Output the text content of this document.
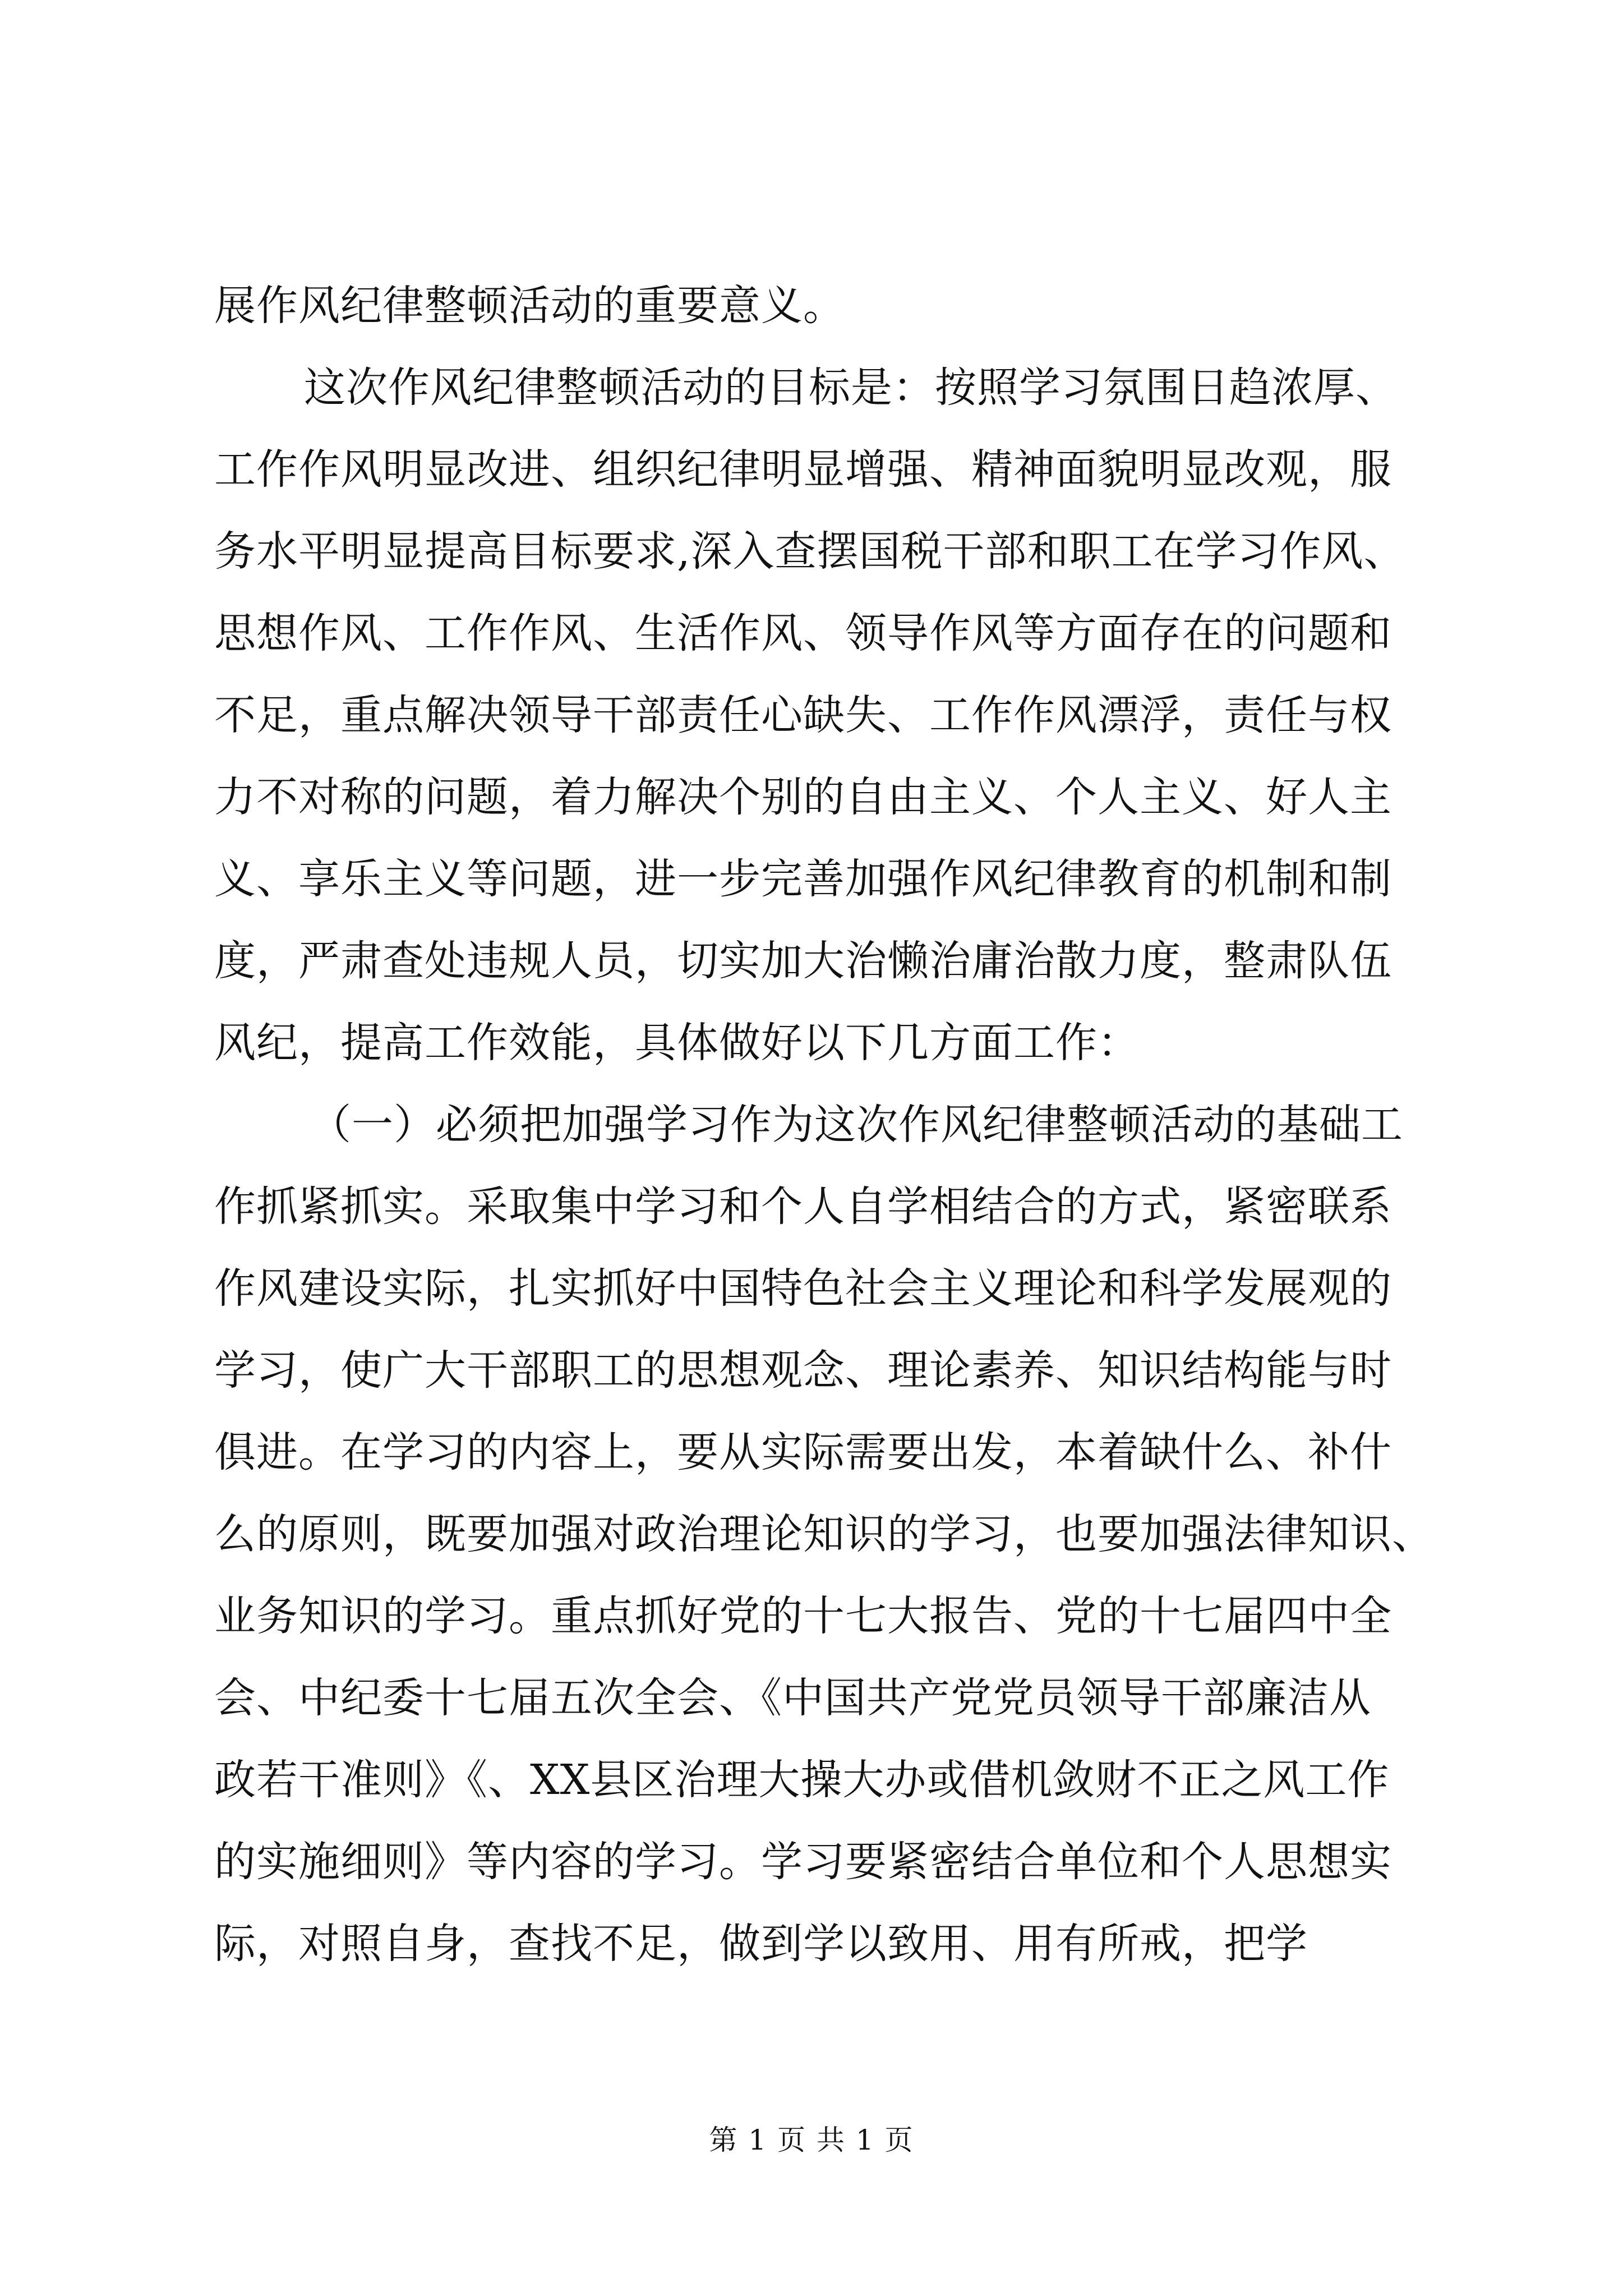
展作风纪律整顿活动的重要意义。
这次作风纪律整顿活动的目标是：按照学习氛围日趋浓厚、
工作作风明显改进、组织纪律明显增强、精神面貌明显改观，服
务水平明显提高目标要求,深入查摆国税干部和职工在学习作风、
思想作风、工作作风、生活作风、领导作风等方面存在的问题和
不足，重点解决领导干部责任心缺失、工作作风漂浮，责任与权
力不对称的问题，着力解决个别的自由主义、个人主义、好人主
义、享乐主义等问题，进一步完善加强作风纪律教育的机制和制
度，严肃查处违规人员，切实加大治懒治庸治散力度，整肃队伍
风纪，提高工作效能，具体做好以下几方面工作：
（一）必须把加强学习作为这次作风纪律整顿活动的基础工
作抓紧抓实。采取集中学习和个人自学相结合的方式，紧密联系
作风建设实际，扎实抓好中国特色社会主义理论和科学发展观的
学习，使广大干部职工的思想观念、理论素养、知识结构能与时
俱进。在学习的内容上，要从实际需要出发，本着缺什么、补什
么的原则，既要加强对政治理论知识的学习，也要加强法律知识、
业务知识的学习。重点抓好党的十七大报告、党的十七届四中全
会、中纪委十七届五次全会、《中国共产党党员领导干部廉洁从
政若干准则》《、XX县区治理大操大办或借机敛财不正之风工作
的实施细则》等内容的学习。学习要紧密结合单位和个人思想实
际，对照自身，查找不足，做到学以致用、用有所戒，把学
第 1 页 共 1 页
